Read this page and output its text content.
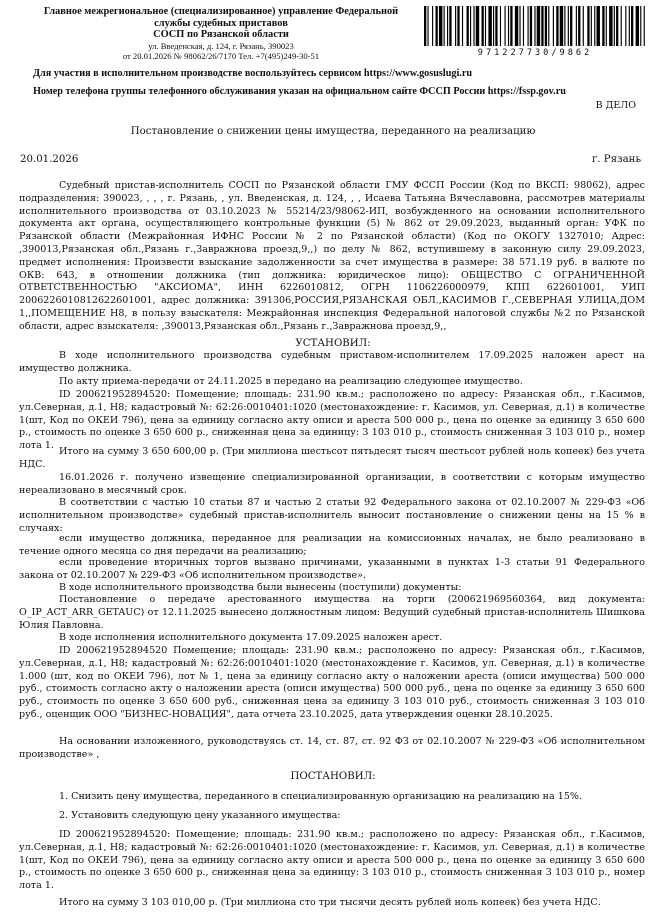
Главное межрегиональное (специализированное) управление Федеральной
службы судебных приставов
СОСП по Рязанской области
ул. Введенская, д. 124, г. Рязань, 390023
от 20.01.2026 № 98062/26/7170 Тел. +7(495)249-30-51	971227730/9862
Для участия в исполнительном производстве воспользуйтесь сервисом https://www.gosuslugi.ru
Номер телефона группы телефонного обслуживания указан на официальном сайте ФССП России https://fssp.gov.ru
В ДЕЛО
Постановление о снижении цены имущества, переданного на реализацию
20.01.2026	г. Рязань
Судебный пристав-исполнитель СОСП по Рязанской области ГМУ ФССП России (Код по ВКСП: 98062), адрес подразделения: 390023, , , , г. Рязань, , ул. Введенская, д. 124, , , Исаева Татьяна Вячеславовна, рассмотрев материалы исполнительного производства от 03.10.2023 № 55214/23/98062-ИП, возбужденного на основании исполнительного документа акт органа, осуществляющего контрольные функции (5) № 862 от 29.09.2023, выданный орган: УФК по Рязанской области (Межрайонная ИФНС России № 2 по Рязанской области) (Код по ОКОГУ 1327010; Адрес: ,390013,Рязанская обл.,Рязань г.,Завражнова проезд,9,,) по делу № 862, вступившему в законную силу 29.09.2023, предмет исполнения: Произвести взыскание задолженности за счет имущества в размере: 38 571.19 руб. в валюте по ОКВ: 643, в отношении должника (тип должника: юридическое лицо): ОБЩЕСТВО С ОГРАНИЧЕННОЙ ОТВЕТСТВЕННОСТЬЮ "АКСИОМА", ИНН 6226010812, ОГРН 1106226000979, КПП 622601001, УИП 2006226010812622601001, адрес должника: 391306,РОССИЯ,РЯЗАНСКАЯ ОБЛ.,КАСИМОВ Г.,СЕВЕРНАЯ УЛИЦА,ДОМ 1,,ПОМЕЩЕНИЕ Н8, в пользу взыскателя: Межрайонная инспекция Федеральной налоговой службы №2 по Рязанской области, адрес взыскателя: ,390013,Рязанская обл.,Рязань г.,Завражнова проезд,9,,
УСТАНОВИЛ:
В ходе исполнительного производства судебным приставом-исполнителем 17.09.2025 наложен арест на имущество должника.
По акту приема-передачи от 24.11.2025 в передано на реализацию следующее имущество.
ID 200621952894520: Помещение; площадь: 231.90 кв.м.; расположено по адресу: Рязанская обл., г.Касимов, ул.Северная, д.1, Н8; кадастровый №: 62:26:0010401:1020 (местонахождение: г. Касимов, ул. Северная, д.1) в количестве 1(шт, Код по ОКЕИ 796), цена за единицу согласно акту описи и ареста 500 000 р., цена по оценке за единицу 3 650 600 р., стоимость по оценке 3 650 600 р., сниженная цена за единицу: 3 103 010 р., стоимость сниженная 3 103 010 р., номер лота 1.
Итого на сумму 3 650 600,00 р. (Три миллиона шестьсот пятьдесят тысяч шестьсот рублей ноль копеек) без учета НДС.
16.01.2026 г. получено извещение специализированной организации, в соответствии с которым имущество нереализовано в месячный срок.
В соответствии с частью 10 статьи 87 и частью 2 статьи 92 Федерального закона от 02.10.2007 № 229-ФЗ «Об исполнительном производстве» судебный пристав-исполнитель выносит постановление о снижении цены на 15 % в случаях:
если имущество должника, переданное для реализации на комиссионных началах, не было реализовано в течение одного месяца со дня передачи на реализацию;
если проведение вторичных торгов вызвано причинами, указанными в пунктах 1-3 статьи 91 Федерального закона от 02.10.2007 № 229-ФЗ «Об исполнительном производстве».
В ходе исполнительного производства были вынесены (поступили) документы:
Постановление о передаче арестованного имущества на торги (200621969560364, вид документа: O_IP_ACT_ARR_GETAUC) от 12.11.2025 вынесено должностным лицом: Ведущий судебный пристав-исполнитель Шишкова Юлия Павловна.
В ходе исполнения исполнительного документа 17.09.2025 наложен арест.
ID 200621952894520 Помещение; площадь: 231.90 кв.м.; расположено по адресу: Рязанская обл., г.Касимов, ул.Северная, д.1, Н8; кадастровый №: 62:26:0010401:1020 (местонахождение г. Касимов, ул. Северная, д.1) в количестве 1.000 (шт, код по ОКЕИ 796), лот № 1, цена за единицу согласно акту о наложении ареста (описи имущества) 500 000 руб., стоимость согласно акту о наложении ареста (описи имущества) 500 000 руб., цена по оценке за единицу 3 650 600 руб., стоимость по оценке 3 650 600 руб., сниженная цена за единицу 3 103 010 руб., стоимость сниженная 3 103 010 руб., оценщик ООО "БИЗНЕС-НОВАЦИЯ", дата отчета 23.10.2025, дата утверждения оценки 28.10.2025.
На основании изложенного, руководствуясь ст. 14, ст. 87, ст. 92 ФЗ от 02.10.2007 № 229-ФЗ «Об исполнительном производстве» ,
ПОСТАНОВИЛ:
1. Снизить цену имущества, переданного в специализированную организацию на реализацию на 15%.
2. Установить следующую цену указанного имущества:
ID 200621952894520: Помещение; площадь: 231.90 кв.м.; расположено по адресу: Рязанская обл., г.Касимов, ул.Северная, д.1, Н8; кадастровый №: 62:26:0010401:1020 (местонахождение: г. Касимов, ул. Северная, д.1) в количестве 1(шт, Код по ОКЕИ 796), цена за единицу согласно акту описи и ареста 500 000 р., цена по оценке за единицу 3 650 600 р., стоимость по оценке 3 650 600 р., сниженная цена за единицу: 3 103 010 р., стоимость сниженная 3 103 010 р., номер лота 1.
Итого на сумму 3 103 010,00 р. (Три миллиона сто три тысячи десять рублей ноль копеек) без учета НДС.
